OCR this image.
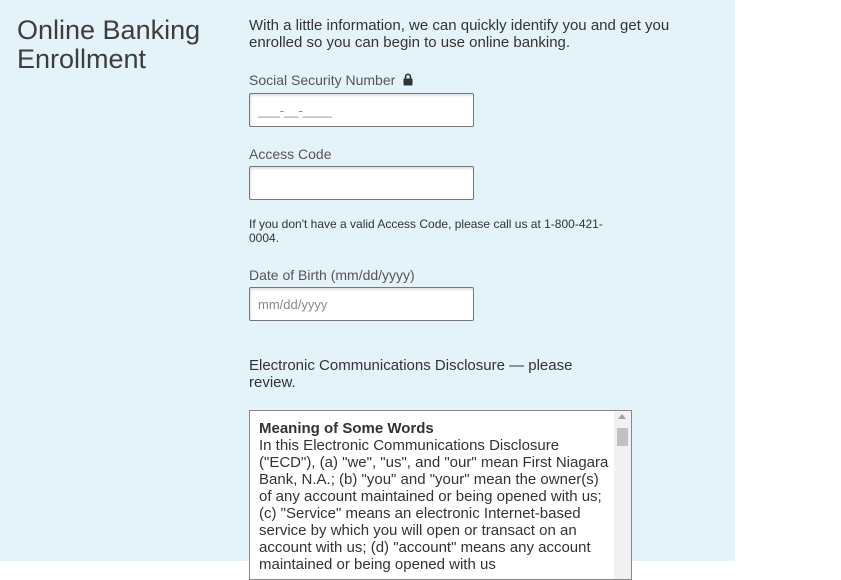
Online Banking Enrollment

With a little information, we can quickly identify you and get you enrolled so you can begin to use online banking.

Social Security Number
___-__-____
Access Code

If you don't have a valid Access Code, please call us at 1-800-421-0004.

Date of Birth (mm/dd/yyyy)
mm/dd/yyyy

Electronic Communications Disclosure — please review.

Meaning of Some Words
In this Electronic Communications Disclosure ("ECD"), (a) "we", "us", and "our" mean First Niagara Bank, N.A.; (b) "you" and "your" mean the owner(s) of any account maintained or being opened with us; (c) "Service" means an electronic Internet-based service by which you will open or transact on an account with us; (d) "account" means any account maintained or being opened with us
